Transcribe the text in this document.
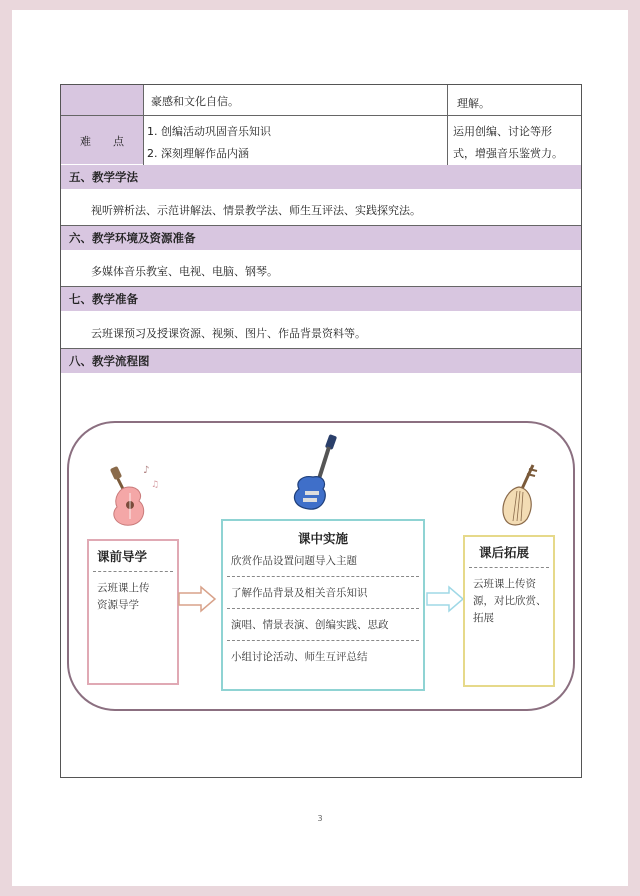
豪感和文化自信。	理解。
难　　点
1. 创编活动巩固音乐知识
2. 深刻理解作品内涵
运用创编、讨论等形
式，增强音乐鉴赏力。
五、教学学法
视听辨析法、示范讲解法、情景教学法、师生互评法、实践探究法。
六、教学环境及资源准备
多媒体音乐教室、电视、电脑、钢琴。
七、教学准备
云班课预习及授课资源、视频、图片、作品背景资料等。
八、教学流程图
♪
♫
课前导学
云班课上传
资源导学
课中实施
欣赏作品设置问题导入主题
了解作品背景及相关音乐知识
演唱、情景表演、创编实践、思政
小组讨论活动、师生互评总结
课后拓展
云班课上传资
源，对比欣赏、
拓展
3
